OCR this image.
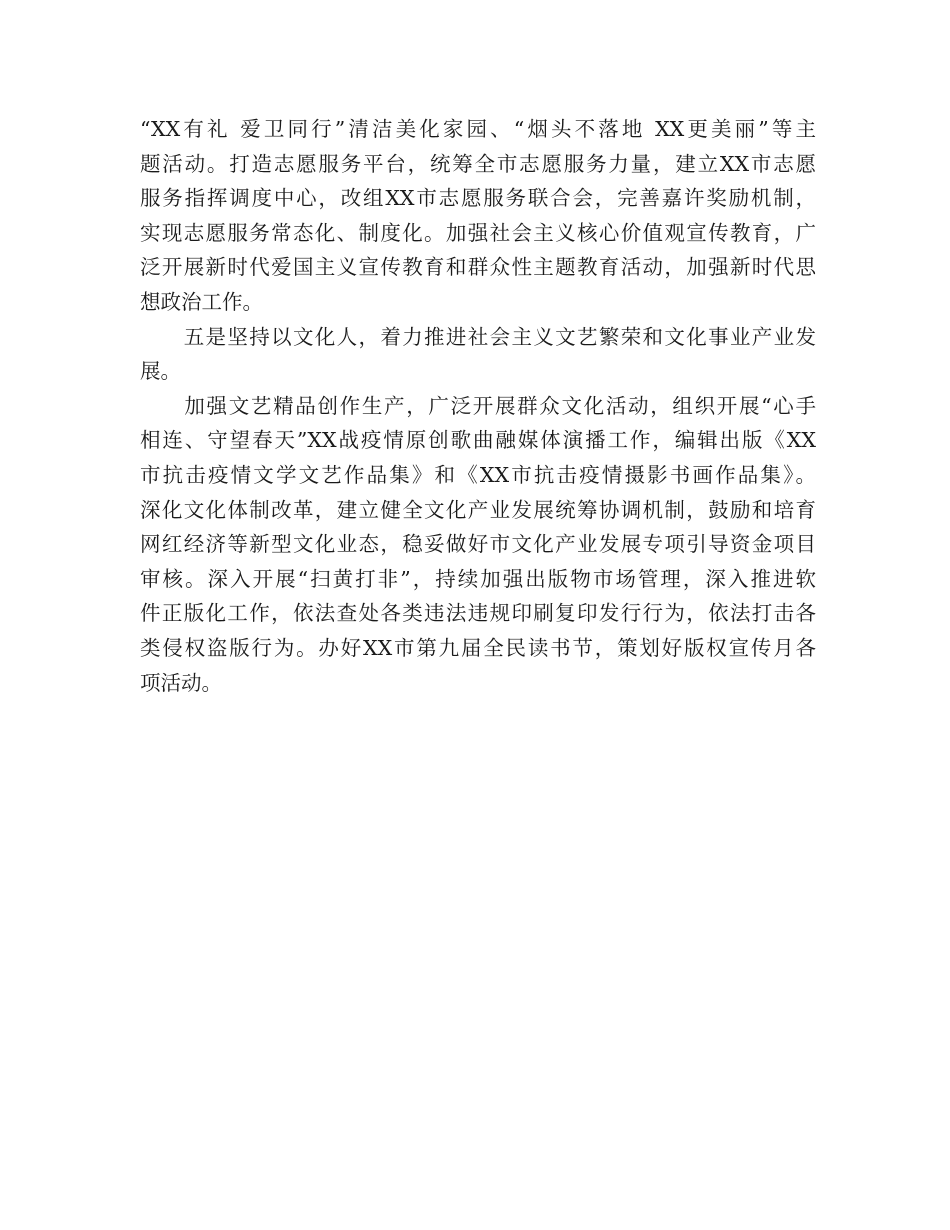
“XX有礼 爱卫同行”清洁美化家园、“烟头不落地 XX更美丽”等主
题活动。打造志愿服务平台，统筹全市志愿服务力量，建立XX市志愿
服务指挥调度中心，改组XX市志愿服务联合会，完善嘉许奖励机制，
实现志愿服务常态化、制度化。加强社会主义核心价值观宣传教育，广
泛开展新时代爱国主义宣传教育和群众性主题教育活动，加强新时代思
想政治工作。
　　五是坚持以文化人，着力推进社会主义文艺繁荣和文化事业产业发
展。
　　加强文艺精品创作生产，广泛开展群众文化活动，组织开展“心手
相连、守望春天”XX战疫情原创歌曲融媒体演播工作，编辑出版《XX
市抗击疫情文学文艺作品集》和《XX市抗击疫情摄影书画作品集》。
深化文化体制改革，建立健全文化产业发展统筹协调机制，鼓励和培育
网红经济等新型文化业态，稳妥做好市文化产业发展专项引导资金项目
审核。深入开展“扫黄打非”，持续加强出版物市场管理，深入推进软
件正版化工作，依法查处各类违法违规印刷复印发行行为，依法打击各
类侵权盗版行为。办好XX市第九届全民读书节，策划好版权宣传月各
项活动。
